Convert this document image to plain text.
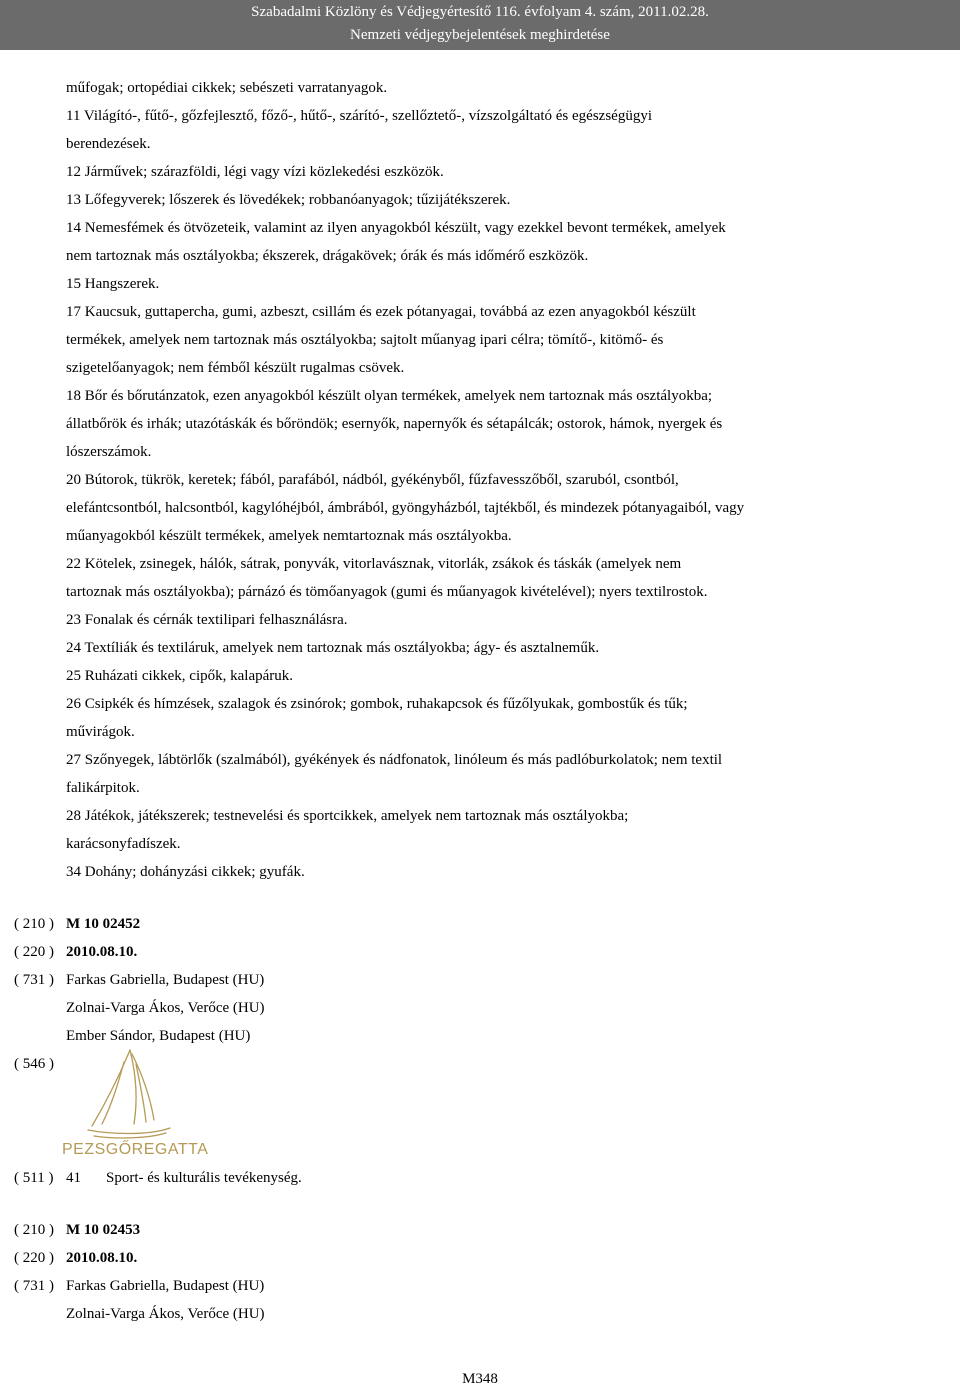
Szabadalmi Közlöny és Védjegyértesítő 116. évfolyam 4. szám, 2011.02.28.
Nemzeti védjegybejelentések meghirdetése
műfogak; ortopédiai cikkek; sebészeti varratanyagok.
11 Világító-, fűtő-, gőzfejlesztő, főző-, hűtő-, szárító-, szellőztető-, vízszolgáltató és egészségügyi
berendezések.
12 Járművek; szárazföldi, légi vagy vízi közlekedési eszközök.
13 Lőfegyverek; lőszerek és lövedékek; robbanóanyagok; tűzijátékszerek.
14 Nemesfémek és ötvözeteik, valamint az ilyen anyagokból készült, vagy ezekkel bevont termékek, amelyek
nem tartoznak más osztályokba; ékszerek, drágakövek; órák és más időmérő eszközök.
15 Hangszerek.
17 Kaucsuk, guttapercha, gumi, azbeszt, csillám és ezek pótanyagai, továbbá az ezen anyagokból készült
termékek, amelyek nem tartoznak más osztályokba; sajtolt műanyag ipari célra; tömítő-, kitömő- és
szigetelőanyagok; nem fémből készült rugalmas csövek.
18 Bőr és bőrutánzatok, ezen anyagokból készült olyan termékek, amelyek nem tartoznak más osztályokba;
állatbőrök és irhák; utazótáskák és bőröndök; esernyők, napernyők és sétapálcák; ostorok, hámok, nyergek és
lószerszámok.
20 Bútorok, tükrök, keretek; fából, parafából, nádból, gyékényből, fűzfavesszőből, szaruból, csontból,
elefántcsontból, halcsontból, kagylóhéjból, ámbrából, gyöngyházból, tajtékből, és mindezek pótanyagaiból, vagy
műanyagokból készült termékek, amelyek nemtartoznak más osztályokba.
22 Kötelek, zsinegek, hálók, sátrak, ponyvák, vitorlavásznak, vitorlák, zsákok és táskák (amelyek nem
tartoznak más osztályokba); párnázó és tömőanyagok (gumi és műanyagok kivételével); nyers textilrostok.
23 Fonalak és cérnák textilipari felhasználásra.
24 Textíliák és textiláruk, amelyek nem tartoznak más osztályokba; ágy- és asztalneműk.
25 Ruházati cikkek, cipők, kalapáruk.
26 Csipkék és hímzések, szalagok és zsinórok; gombok, ruhakapcsok és fűzőlyukak, gombostűk és tűk;
művirágok.
27 Szőnyegek, lábtörlők (szalmából), gyékények és nádfonatok, linóleum és más padlóburkolatok; nem textil
falikárpitok.
28 Játékok, játékszerek; testnevelési és sportcikkek, amelyek nem tartoznak más osztályokba;
karácsonyfadíszek.
34 Dohány; dohányzási cikkek; gyufák.
( 210 ) M 10 02452
( 220 ) 2010.08.10.
( 731 ) Farkas Gabriella, Budapest (HU)
Zolnai-Varga Ákos, Verőce (HU)
Ember Sándor, Budapest (HU)
( 546 )
PEZSGŐREGATTA
( 511 ) 41 Sport- és kulturális tevékenység.
( 210 ) M 10 02453
( 220 ) 2010.08.10.
( 731 ) Farkas Gabriella, Budapest (HU)
Zolnai-Varga Ákos, Verőce (HU)
M348
